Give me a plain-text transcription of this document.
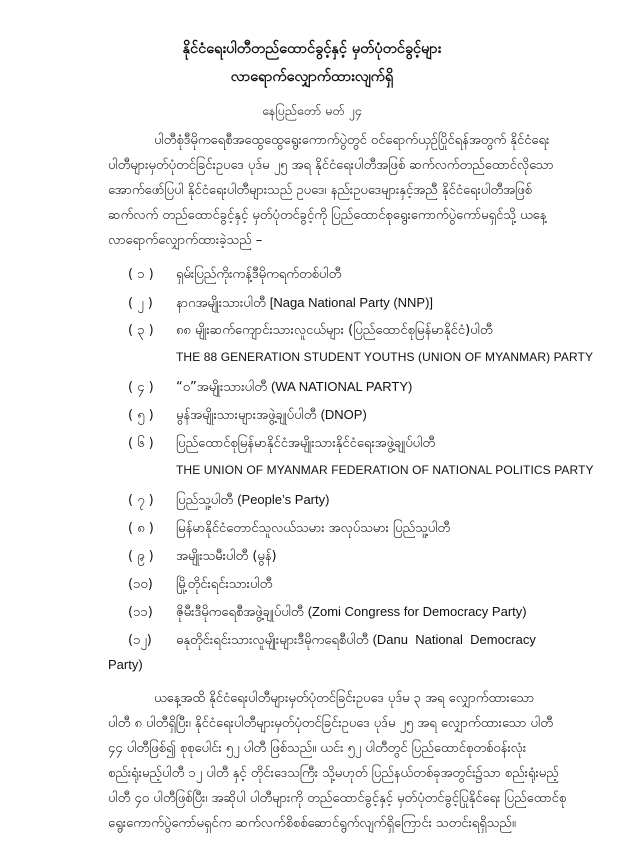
နိုင်ငံရေးပါတီတည်ထောင်ခွင့်နှင့် မှတ်ပုံတင်ခွင့်များ
လာရောက်လျှောက်ထားလျက်ရှိ
နေပြည်တော် မတ် ၂၄
ပါတီစုံဒီမိုကရေစီအထွေထွေရွေးကောက်ပွဲတွင် ဝင်ရောက်ယှဉ်ပြိုင်ရန်အတွက် နိုင်ငံရေး
ပါတီများမှတ်ပုံတင်ခြင်းဥပဒေ ပုဒ်မ ၂၅ အရ နိုင်ငံရေးပါတီအဖြစ် ဆက်လက်တည်ထောင်လိုသော
အောက်ဖော်ပြပါ နိုင်ငံရေးပါတီများသည် ဥပဒေ၊ နည်းဥပဒေများနှင့်အညီ နိုင်ငံရေးပါတီအဖြစ်
ဆက်လက် တည်ထောင်ခွင့်နှင့် မှတ်ပုံတင်ခွင့်ကို ပြည်ထောင်စုရွေးကောက်ပွဲကော်မရှင်သို့ ယနေ့
လာရောက်လျှောက်ထားခဲ့သည် –
( ၁ ) ရှမ်းပြည်ကိုးကန့်ဒီမိုကရက်တစ်ပါတီ
( ၂ ) နာဂအမျိုးသားပါတီ [Naga National Party (NNP)]
( ၃ ) ၈၈ မျိုးဆက်ကျောင်းသားလူငယ်များ (ပြည်ထောင်စုမြန်မာနိုင်ငံ)ပါတီ
THE 88 GENERATION STUDENT YOUTHS (UNION OF MYANMAR) PARTY
( ၄ ) “ဝ”အမျိုးသားပါတီ (WA NATIONAL PARTY)
( ၅ ) မွန်အမျိုးသားများအဖွဲ့ချုပ်ပါတီ (DNOP)
( ၆ ) ပြည်ထောင်စုမြန်မာနိုင်ငံအမျိုးသားနိုင်ငံရေးအဖွဲ့ချုပ်ပါတီ
THE UNION OF MYANMAR FEDERATION OF NATIONAL POLITICS PARTY
( ၇ ) ပြည်သူ့ပါတီ (People’s Party)
( ၈ ) မြန်မာနိုင်ငံတောင်သူလယ်သမား အလုပ်သမား ပြည်သူ့ပါတီ
( ၉ ) အမျိုးသမီးပါတီ (မွန်)
(၁၀) မြို့တိုင်းရင်းသားပါတီ
(၁၁) ဇိုမီးဒီမိုကရေစီအဖွဲ့ချုပ်ပါတီ (Zomi Congress for Democracy Party)
(၁၂) ဓနုတိုင်းရင်းသားလူမျိုးများဒီမိုကရေစီပါတီ (Danu  National  Democracy
Party)
ယနေ့အထိ နိုင်ငံရေးပါတီများမှတ်ပုံတင်ခြင်းဥပဒေ ပုဒ်မ ၃ အရ လျှောက်ထားသော
ပါတီ ၈ ပါတီရှိပြီး၊ နိုင်ငံရေးပါတီများမှတ်ပုံတင်ခြင်းဥပဒေ ပုဒ်မ ၂၅ အရ လျှောက်ထားသော ပါတီ
၄၄ ပါတီဖြစ်၍ စုစုပေါင်း ၅၂ ပါတီ ဖြစ်သည်။ ယင်း ၅၂ ပါတီတွင် ပြည်ထောင်စုတစ်ဝန်းလုံး
စည်းရုံးမည့်ပါတီ ၁၂ ပါတီ နှင့် တိုင်းဒေသကြီး သို့မဟုတ် ပြည်နယ်တစ်ခုအတွင်း၌သာ စည်းရုံးမည့်
ပါတီ ၄၀ ပါတီဖြစ်ပြီး၊ အဆိုပါ ပါတီများကို တည်ထောင်ခွင့်နှင့် မှတ်ပုံတင်ခွင့်ပြုနိုင်ရေး ပြည်ထောင်စု
ရွေးကောက်ပွဲကော်မရှင်က ဆက်လက်စိစစ်ဆောင်ရွက်လျက်ရှိကြောင်း သတင်းရရှိသည်။
